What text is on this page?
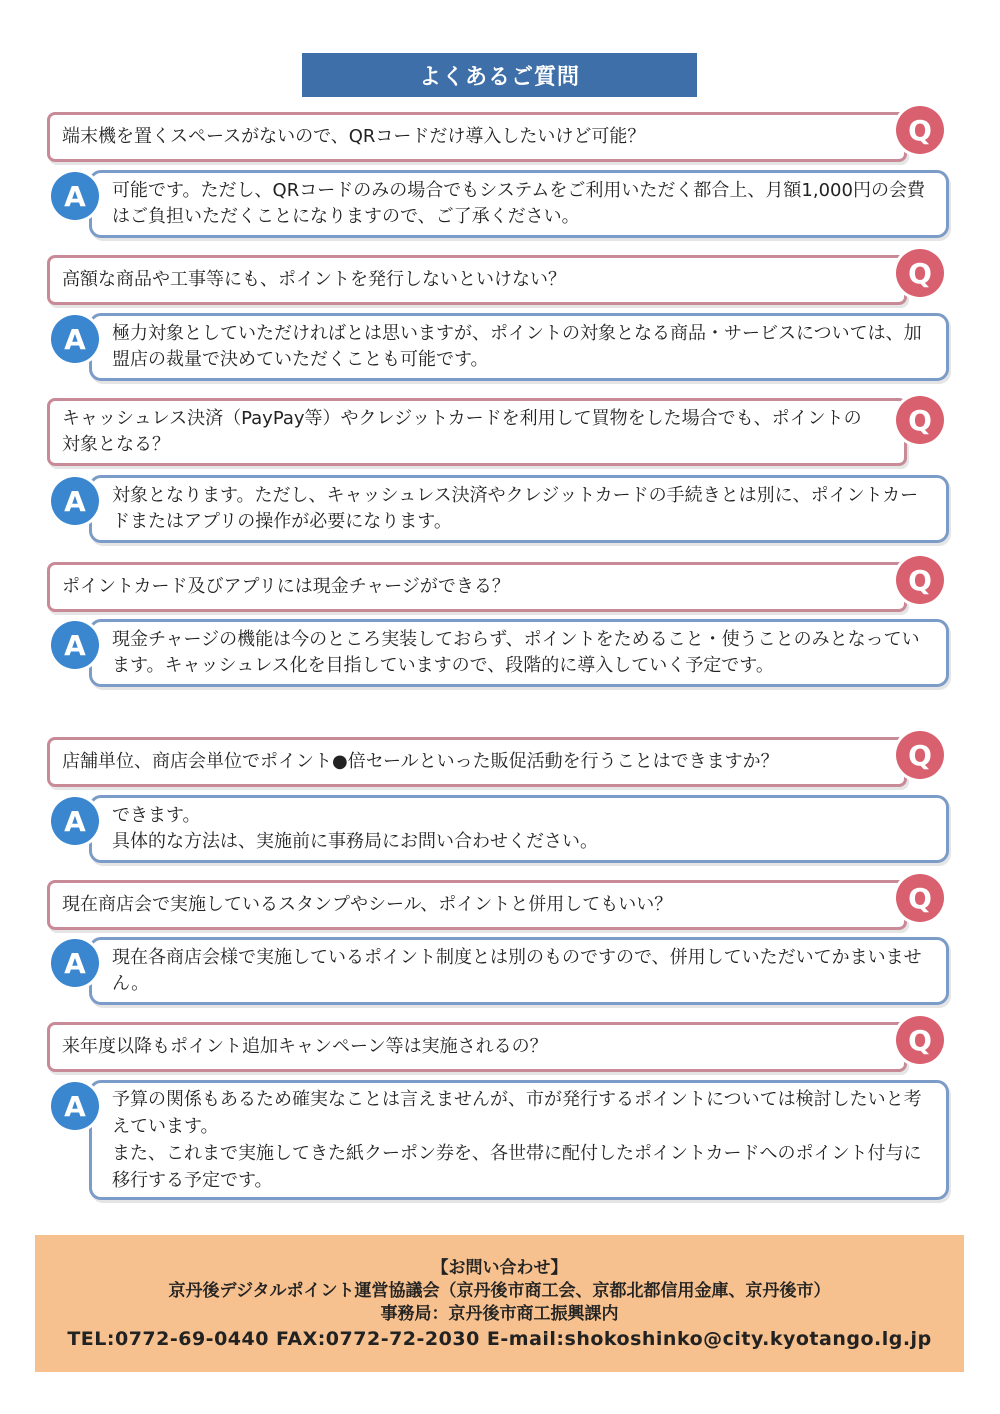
よくあるご質問
端末機を置くスペースがないので、QRコードだけ導入したいけど可能？	Q
可能です。ただし、QRコードのみの場合でもシステムをご利用いただく都合上、月額1,000円の会費はご負担いただくことになりますので、ご了承ください。
A
高額な商品や工事等にも、ポイントを発行しないといけない？	Q
極力対象としていただければとは思いますが、ポイントの対象となる商品・サービスについては、加盟店の裁量で決めていただくことも可能です。
A
キャッシュレス決済（PayPay等）やクレジットカードを利用して買物をした場合でも、ポイントの対象となる？
Q
対象となります。ただし、キャッシュレス決済やクレジットカードの手続きとは別に、ポイントカードまたはアプリの操作が必要になります。
A
ポイントカード及びアプリには現金チャージができる？	Q
現金チャージの機能は今のところ実装しておらず、ポイントをためること・使うことのみとなっています。キャッシュレス化を目指していますので、段階的に導入していく予定です。
A
店舗単位、商店会単位でポイント●倍セールといった販促活動を行うことはできますか？	Q
できます。
具体的な方法は、実施前に事務局にお問い合わせください。
A
現在商店会で実施しているスタンプやシール、ポイントと併用してもいい？	Q
現在各商店会様で実施しているポイント制度とは別のものですので、併用していただいてかまいません。
A
来年度以降もポイント追加キャンペーン等は実施されるの？	Q
予算の関係もあるため確実なことは言えませんが、市が発行するポイントについては検討したいと考えています。
また、これまで実施してきた紙クーポン券を、各世帯に配付したポイントカードへのポイント付与に移行する予定です。
A
【お問い合わせ】
京丹後デジタルポイント運営協議会（京丹後市商工会、京都北都信用金庫、京丹後市）
事務局：京丹後市商工振興課内
TEL:0772-69-0440 FAX:0772-72-2030 E-mail:shokoshinko@city.kyotango.lg.jp
